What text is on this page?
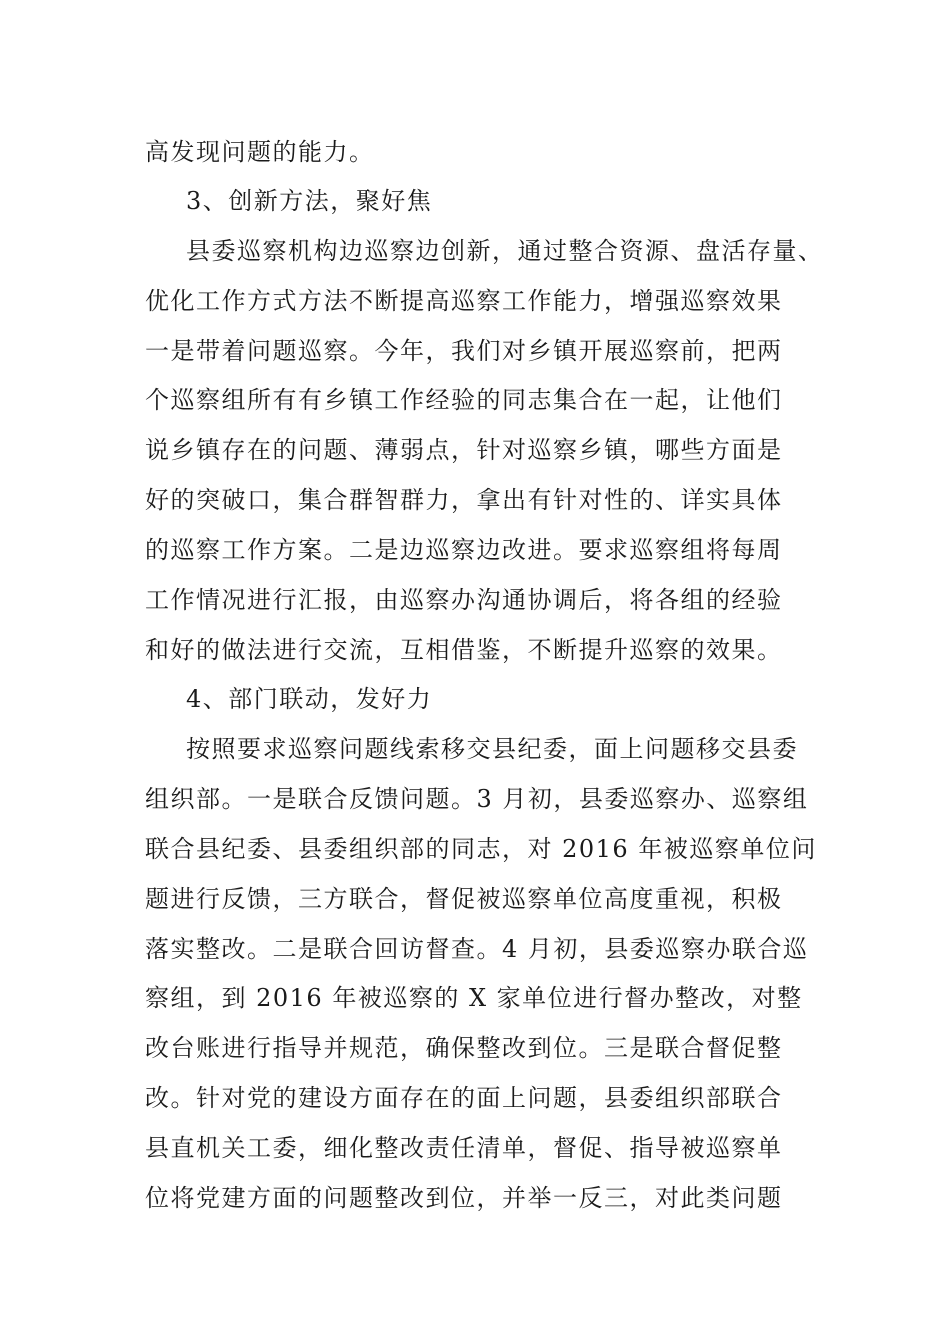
高发现问题的能力。
3、创新方法，聚好焦
县委巡察机构边巡察边创新，通过整合资源、盘活存量、
优化工作方式方法不断提高巡察工作能力，增强巡察效果
一是带着问题巡察。今年，我们对乡镇开展巡察前，把两
个巡察组所有有乡镇工作经验的同志集合在一起，让他们
说乡镇存在的问题、薄弱点，针对巡察乡镇，哪些方面是
好的突破口，集合群智群力，拿出有针对性的、详实具体
的巡察工作方案。二是边巡察边改进。要求巡察组将每周
工作情况进行汇报，由巡察办沟通协调后，将各组的经验
和好的做法进行交流，互相借鉴，不断提升巡察的效果。
4、部门联动，发好力
按照要求巡察问题线索移交县纪委，面上问题移交县委
组织部。一是联合反馈问题。3 月初，县委巡察办、巡察组
联合县纪委、县委组织部的同志，对 2016 年被巡察单位问
题进行反馈，三方联合，督促被巡察单位高度重视，积极
落实整改。二是联合回访督查。4 月初，县委巡察办联合巡
察组，到 2016 年被巡察的 X 家单位进行督办整改，对整
改台账进行指导并规范，确保整改到位。三是联合督促整
改。针对党的建设方面存在的面上问题，县委组织部联合
县直机关工委，细化整改责任清单，督促、指导被巡察单
位将党建方面的问题整改到位，并举一反三，对此类问题
